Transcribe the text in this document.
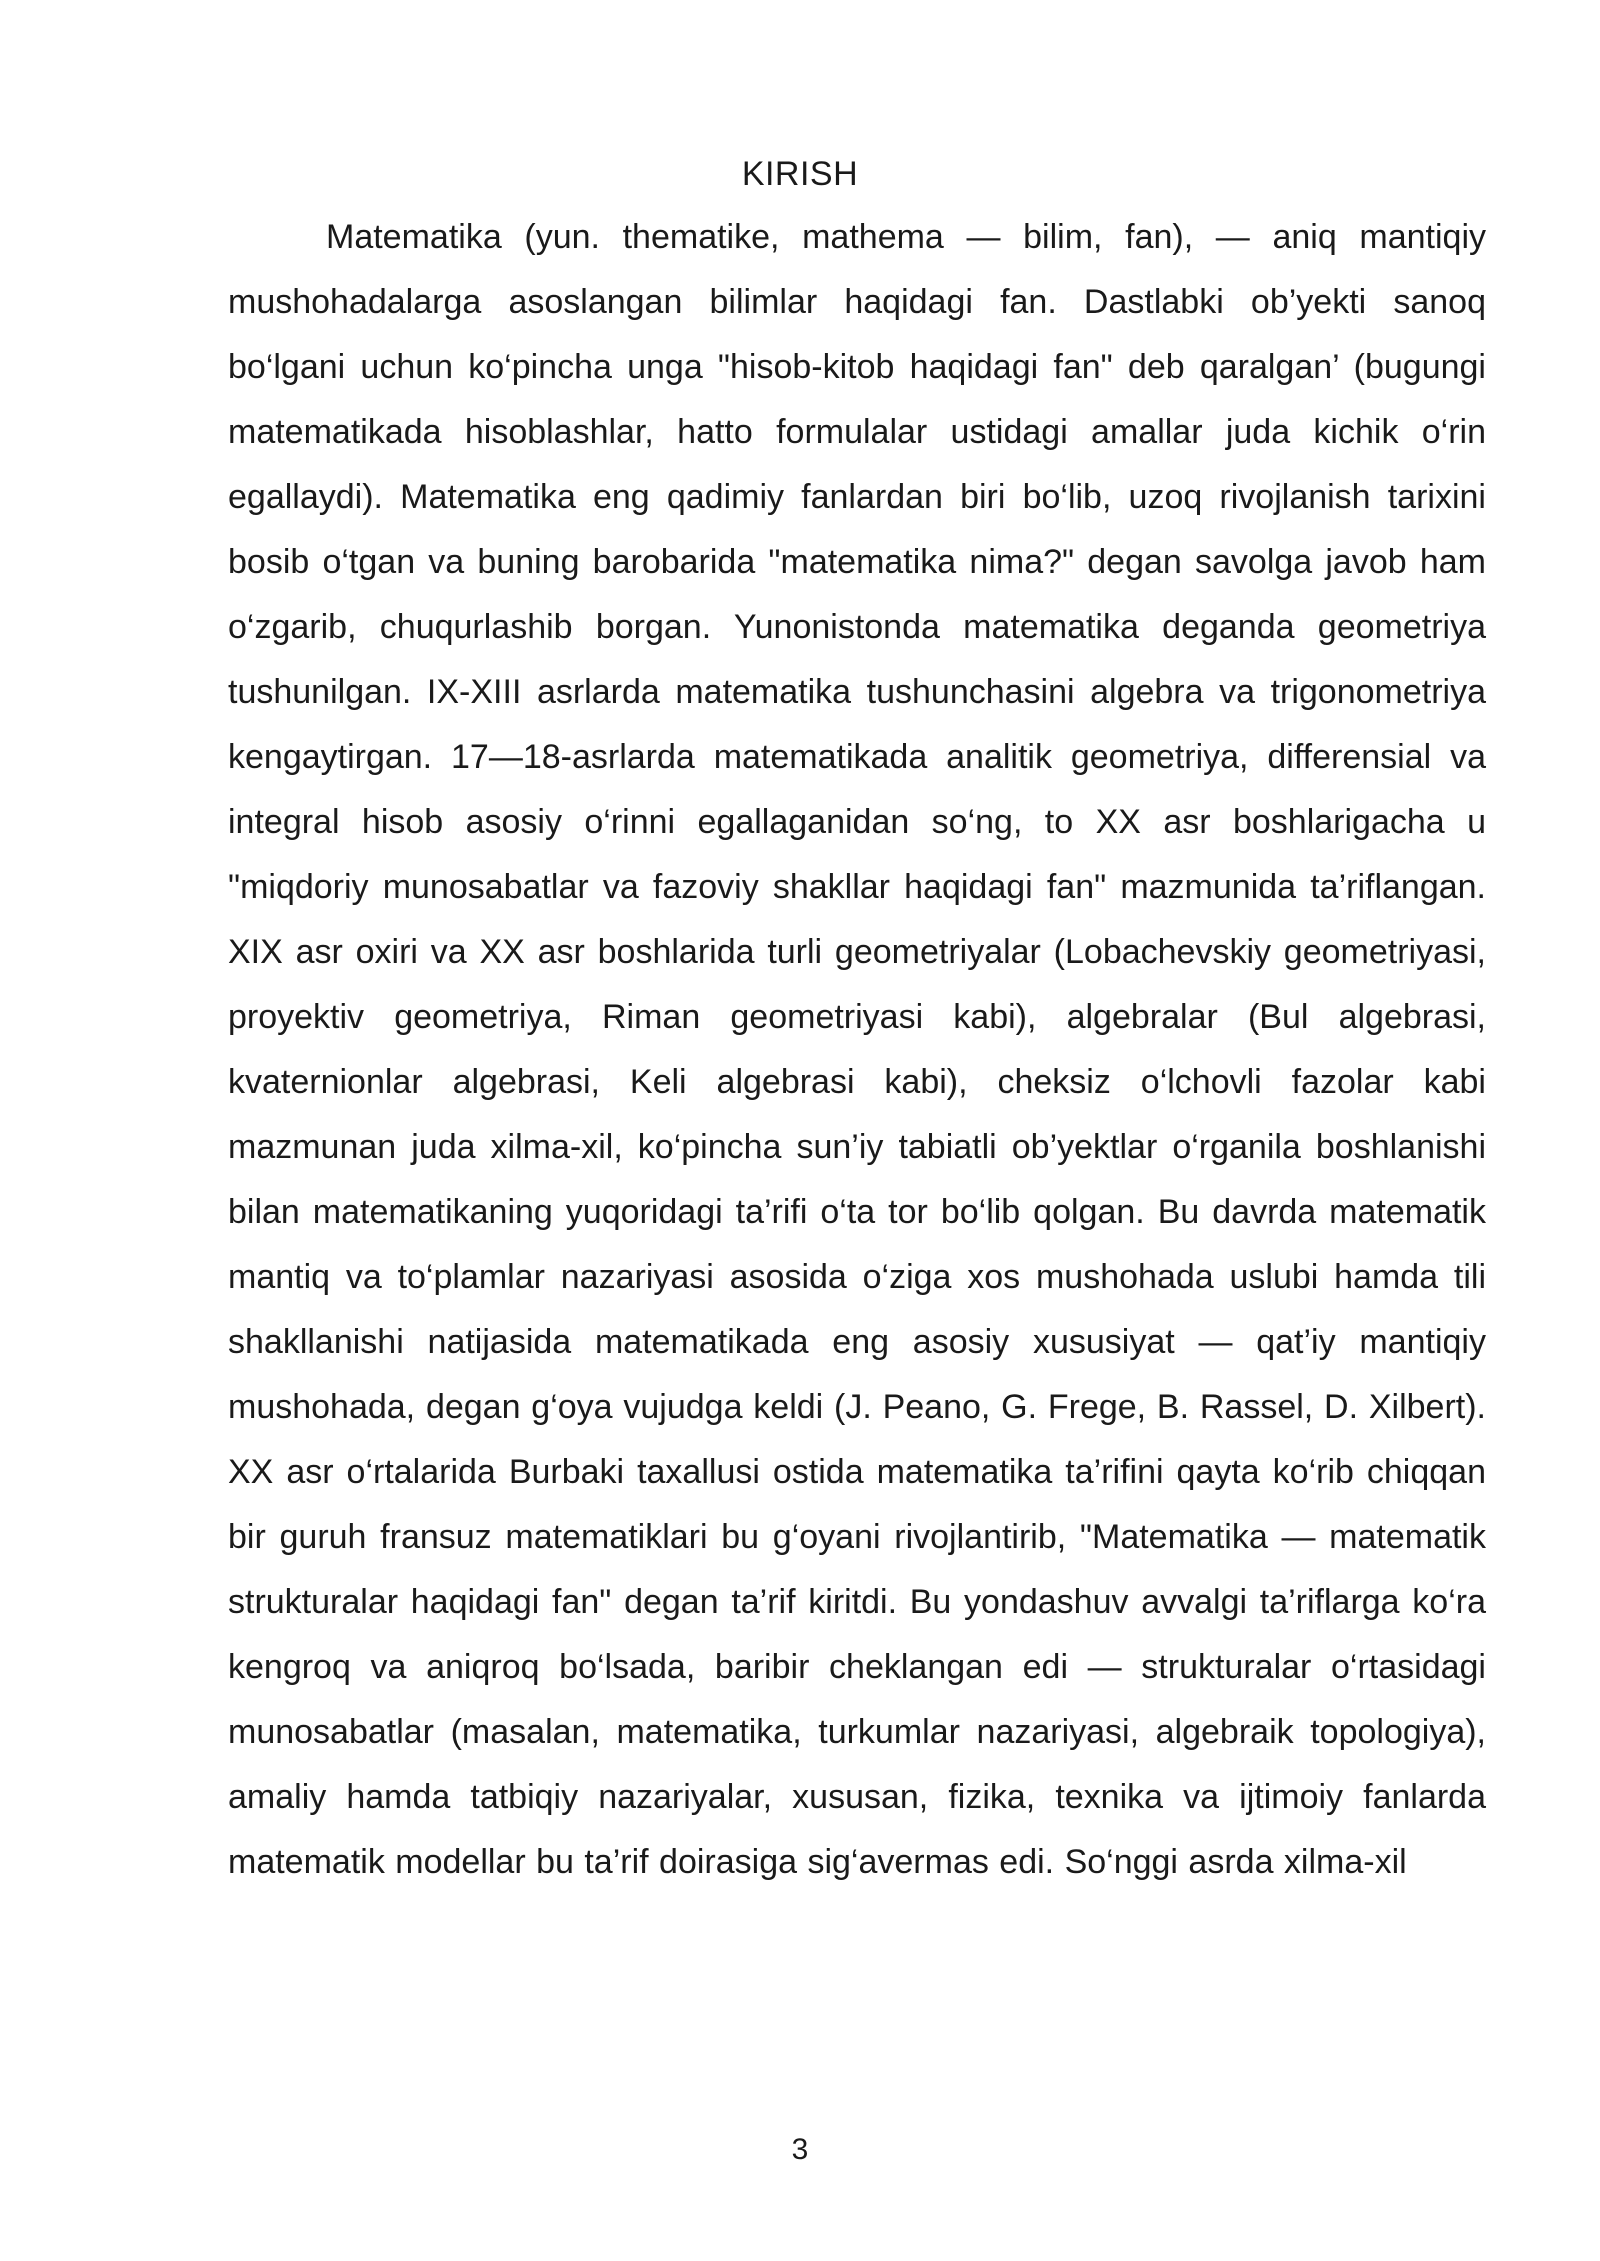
KIRISH

Matematika (yun. thematike, mathema — bilim, fan), — aniq mantiqiy mushohadalarga asoslangan bilimlar haqidagi fan. Dastlabki ob’yekti sanoq bo‘lgani uchun ko‘pincha unga "hisob-kitob haqidagi fan" deb qaralgan’ (bugungi matematikada hisoblashlar, hatto formulalar ustidagi amallar juda kichik o‘rin egallaydi). Matematika eng qadimiy fanlardan biri bo‘lib, uzoq rivojlanish tarixini bosib o‘tgan va buning barobarida "matematika nima?" degan savolga javob ham o‘zgarib, chuqurlashib borgan. Yunonistonda matematika deganda geometriya tushunilgan. IX-XIII asrlarda matematika tushunchasini algebra va trigonometriya kengaytirgan. 17—18-asrlarda matematikada analitik geometriya, differensial va integral hisob asosiy o‘rinni egallaganidan so‘ng, to XX asr boshlarigacha u "miqdoriy munosabatlar va fazoviy shakllar haqidagi fan" mazmunida ta’riflangan. XIX asr oxiri va XX asr boshlarida turli geometriyalar (Lobachevskiy geometriyasi, proyektiv geometriya, Riman geometriyasi kabi), algebralar (Bul algebrasi, kvaternionlar algebrasi, Keli algebrasi kabi), cheksiz o‘lchovli fazolar kabi mazmunan juda xilma-xil, ko‘pincha sun’iy tabiatli ob’yektlar o‘rganila boshlanishi bilan matematikaning yuqoridagi ta’rifi o‘ta tor bo‘lib qolgan. Bu davrda matematik mantiq va to‘plamlar nazariyasi asosida o‘ziga xos mushohada uslubi hamda tili shakllanishi natijasida matematikada eng asosiy xususiyat — qat’iy mantiqiy mushohada, degan g‘oya vujudga keldi (J. Peano, G. Frege, B. Rassel, D. Xilbert). XX asr o‘rtalarida Burbaki taxallusi ostida matematika ta’rifini qayta ko‘rib chiqqan bir guruh fransuz matematiklari bu g‘oyani rivojlantirib, "Matematika — matematik strukturalar haqidagi fan" degan ta’rif kiritdi. Bu yondashuv avvalgi ta’riflarga ko‘ra kengroq va aniqroq bo‘lsada, baribir cheklangan edi — strukturalar o‘rtasidagi munosabatlar (masalan, matematika, turkumlar nazariyasi, algebraik topologiya), amaliy hamda tatbiqiy nazariyalar, xususan, fizika, texnika va ijtimoiy fanlarda matematik modellar bu ta’rif doirasiga sig‘avermas edi. So‘nggi asrda xilma-xil

3
